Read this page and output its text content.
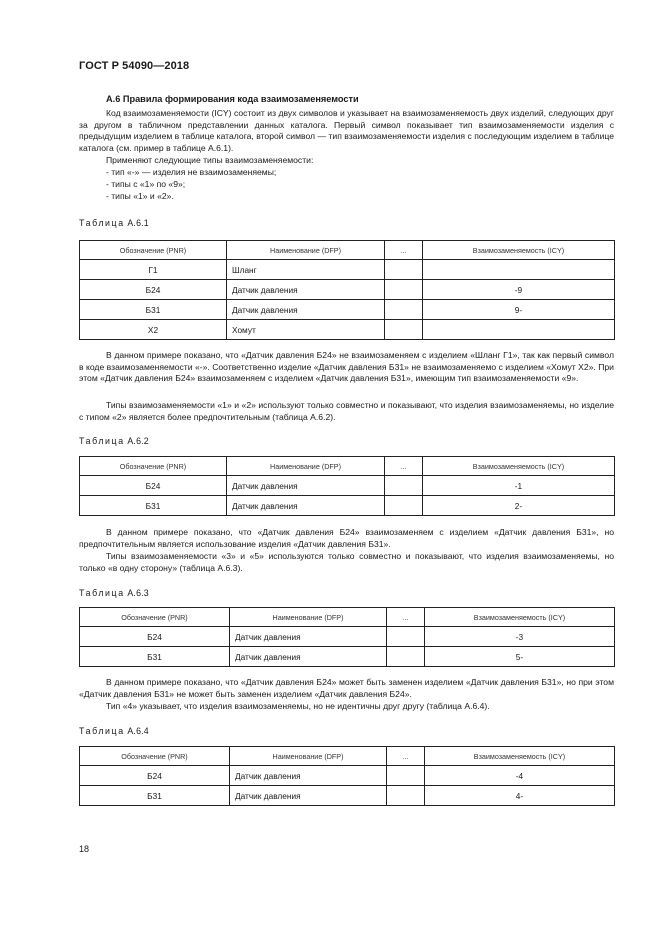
ГОСТ Р 54090—2018
A.6 Правила формирования кода взаимозаменяемости

Код взаимозаменяемости (ICY) состоит из двух символов и указывает на взаимозаменяемость двух изделий, следующих друг за другом в табличном представлении данных каталога. Первый символ показывает тип взаимозаменяемости изделия с предыдущим изделием в таблице каталога, второй символ — тип взаимозаменяемости изделия с последующим изделием в таблице каталога (см. пример в таблице А.6.1).

Применяют следующие типы взаимозаменяемости:

- тип «-» — изделия не взаимозаменяемы;
- типы с «1» по «9»;
- типы «1» и «2».
Таблица А.6.1
Обозначение (PNR)	Наименование (DFP)	...	Взаимозаменяемость (ICY)
Г1	Шланг		
Б24	Датчик давления		-9
Б31	Датчик давления		9-
Х2	Хомут		

В данном примере показано, что «Датчик давления Б24» не взаимозаменяем с изделием «Шланг Г1», так как первый символ в коде взаимозаменяемости «-». Соответственно изделие «Датчик давления Б31» не взаимозаменяемо с изделием «Хомут Х2». При этом «Датчик давления Б24» взаимозаменяем с изделием «Датчик давления Б31», имеющим тип взаимозаменяемости «9».

Типы взаимозаменяемости «1» и «2» используют только совместно и показывают, что изделия взаимозаменяемы, но изделие с типом «2» является более предпочтительным (таблица А.6.2).

Таблица А.6.2
Обозначение (PNR)	Наименование (DFP)	...	Взаимозаменяемость (ICY)
Б24	Датчик давления		-1
Б31	Датчик давления		2-

В данном примере показано, что «Датчик давления Б24» взаимозаменяем с изделием «Датчик давления Б31», но предпочтительным является использование изделия «Датчик давления Б31».

Типы взаимозаменяемости «3» и «5» используются только совместно и показывают, что изделия взаимозаменяемы, но только «в одну сторону» (таблица А.6.3).

Таблица А.6.3
Обозначение (PNR)	Наименование (DFP)	...	Взаимозаменяемость (ICY)
Б24	Датчик давления		-3
Б31	Датчик давления		5-

В данном примере показано, что «Датчик давления Б24» может быть заменен изделием «Датчик давления Б31», но при этом «Датчик давления Б31» не может быть заменен изделием «Датчик давления Б24».

Тип «4» указывает, что изделия взаимозаменяемы, но не идентичны друг другу (таблица А.6.4).

Таблица А.6.4
Обозначение (PNR)	Наименование (DFP)	...	Взаимозаменяемость (ICY)
Б24	Датчик давления		-4
Б31	Датчик давления		4-
18
